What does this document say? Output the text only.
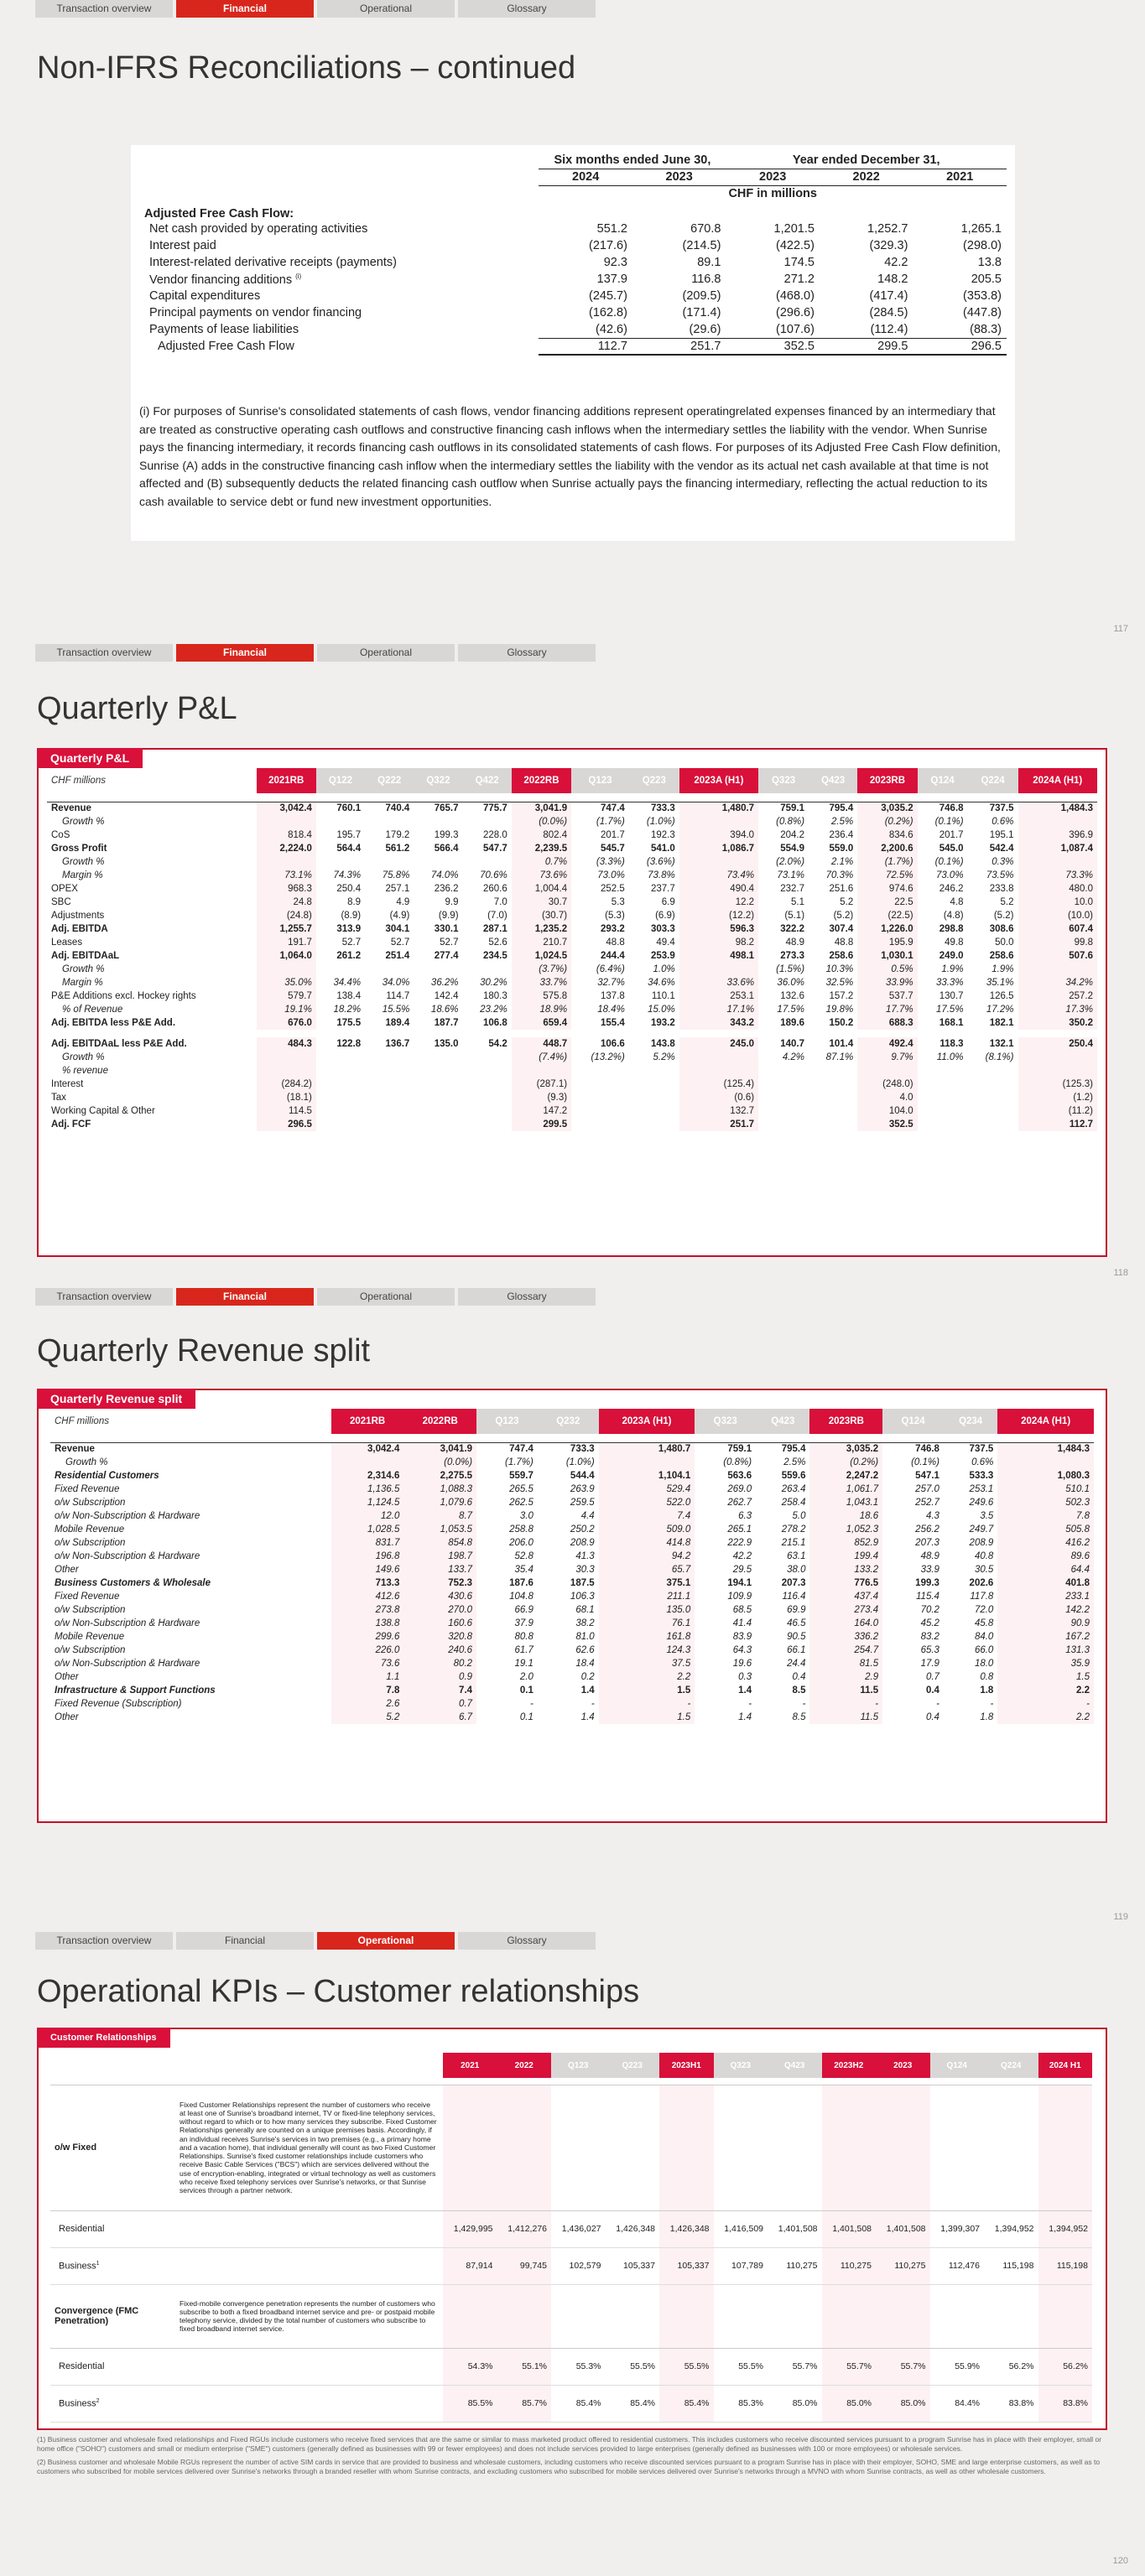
Transaction overview	Financial	Operational	Glossary
Non-IFRS Reconciliations – continued
	Six months ended June 30,		Year ended December 31,		
	2024	2023	2023	2022	2021
	CHF in millions				
Adjusted Free Cash Flow:					
Net cash provided by operating activities	551.2	670.8	1,201.5	1,252.7	1,265.1
Interest paid	(217.6)	(214.5)	(422.5)	(329.3)	(298.0)
Interest-related derivative receipts (payments)	92.3	89.1	174.5	42.2	13.8
Vendor financing additions $^{(i)}$	137.9	116.8	271.2	148.2	205.5
Capital expenditures	(245.7)	(209.5)	(468.0)	(417.4)	(353.8)
Principal payments on vendor financing	(162.8)	(171.4)	(296.6)	(284.5)	(447.8)
Payments of lease liabilities	(42.6)	(29.6)	(107.6)	(112.4)	(88.3)
Adjusted Free Cash Flow	112.7	251.7	352.5	299.5	296.5
(i) For purposes of Sunrise's consolidated statements of cash flows, vendor financing additions represent operatingrelated expenses financed by an intermediary that are treated as constructive operating cash outflows and constructive financing cash inflows when the intermediary settles the liability with the vendor. When Sunrise pays the financing intermediary, it records financing cash outflows in its consolidated statements of cash flows. For purposes of its Adjusted Free Cash Flow definition, Sunrise (A) adds in the constructive financing cash inflow when the intermediary settles the liability with the vendor as its actual net cash available at that time is not affected and (B) subsequently deducts the related financing cash outflow when Sunrise actually pays the financing intermediary, reflecting the actual reduction to its cash available to service debt or fund new investment opportunities.
117
Transaction overview	Financial	Operational	Glossary
Quarterly P&L
CHF millions	2021RB	Q122	Q222	Q322	Q422	2022RB	Q123	Q223	2023A (H1)	Q323	Q423	2023RB	Q124	Q224	2024A (H1)

Revenue	3,042.4	760.1	740.4	765.7	775.7	3,041.9	747.4	733.3	1,480.7	759.1	795.4	3,035.2	746.8	737.5	1,484.3
Growth %						(0.0%)	(1.7%)	(1.0%)		(0.8%)	2.5%	(0.2%)	(0.1%)	0.6%	
CoS	818.4	195.7	179.2	199.3	228.0	802.4	201.7	192.3	394.0	204.2	236.4	834.6	201.7	195.1	396.9
Gross Profit	2,224.0	564.4	561.2	566.4	547.7	2,239.5	545.7	541.0	1,086.7	554.9	559.0	2,200.6	545.0	542.4	1,087.4
Growth %						0.7%	(3.3%)	(3.6%)		(2.0%)	2.1%	(1.7%)	(0.1%)	0.3%	
Margin %	73.1%	74.3%	75.8%	74.0%	70.6%	73.6%	73.0%	73.8%	73.4%	73.1%	70.3%	72.5%	73.0%	73.5%	73.3%
OPEX	968.3	250.4	257.1	236.2	260.6	1,004.4	252.5	237.7	490.4	232.7	251.6	974.6	246.2	233.8	480.0
SBC	24.8	8.9	4.9	9.9	7.0	30.7	5.3	6.9	12.2	5.1	5.2	22.5	4.8	5.2	10.0
Adjustments	(24.8)	(8.9)	(4.9)	(9.9)	(7.0)	(30.7)	(5.3)	(6.9)	(12.2)	(5.1)	(5.2)	(22.5)	(4.8)	(5.2)	(10.0)
Adj. EBITDA	1,255.7	313.9	304.1	330.1	287.1	1,235.2	293.2	303.3	596.3	322.2	307.4	1,226.0	298.8	308.6	607.4
Leases	191.7	52.7	52.7	52.7	52.6	210.7	48.8	49.4	98.2	48.9	48.8	195.9	49.8	50.0	99.8
Adj. EBITDAaL	1,064.0	261.2	251.4	277.4	234.5	1,024.5	244.4	253.9	498.1	273.3	258.6	1,030.1	249.0	258.6	507.6
Growth %						(3.7%)	(6.4%)	1.0%		(1.5%)	10.3%	0.5%	1.9%	1.9%	
Margin %	35.0%	34.4%	34.0%	36.2%	30.2%	33.7%	32.7%	34.6%	33.6%	36.0%	32.5%	33.9%	33.3%	35.1%	34.2%
P&E Additions excl. Hockey rights	579.7	138.4	114.7	142.4	180.3	575.8	137.8	110.1	253.1	132.6	157.2	537.7	130.7	126.5	257.2
% of Revenue	19.1%	18.2%	15.5%	18.6%	23.2%	18.9%	18.4%	15.0%	17.1%	17.5%	19.8%	17.7%	17.5%	17.2%	17.3%
Adj. EBITDA less P&E Add.	676.0	175.5	189.4	187.7	106.8	659.4	155.4	193.2	343.2	189.6	150.2	688.3	168.1	182.1	350.2

Adj. EBITDAaL less P&E Add.	484.3	122.8	136.7	135.0	54.2	448.7	106.6	143.8	245.0	140.7	101.4	492.4	118.3	132.1	250.4
Growth %						(7.4%)	(13.2%)	5.2%		4.2%	87.1%	9.7%	11.0%	(8.1%)	
% revenue															
Interest	(284.2)					(287.1)			(125.4)			(248.0)			(125.3)
Tax	(18.1)					(9.3)			(0.6)			4.0			(1.2)
Working Capital & Other	114.5					147.2			132.7			104.0			(11.2)
Adj. FCF	296.5					299.5			251.7			352.5			112.7
Quarterly P&L
118
Transaction overview	Financial	Operational	Glossary
Quarterly Revenue split
CHF millions	2021RB	2022RB	Q123	Q232	2023A (H1)	Q323	Q423	2023RB	Q124	Q234	2024A (H1)

Revenue	3,042.4	3,041.9	747.4	733.3	1,480.7	759.1	795.4	3,035.2	746.8	737.5	1,484.3
Growth %		(0.0%)	(1.7%)	(1.0%)		(0.8%)	2.5%	(0.2%)	(0.1%)	0.6%	
Residential Customers	2,314.6	2,275.5	559.7	544.4	1,104.1	563.6	559.6	2,247.2	547.1	533.3	1,080.3
Fixed Revenue	1,136.5	1,088.3	265.5	263.9	529.4	269.0	263.4	1,061.7	257.0	253.1	510.1
o/w Subscription	1,124.5	1,079.6	262.5	259.5	522.0	262.7	258.4	1,043.1	252.7	249.6	502.3
o/w Non-Subscription & Hardware	12.0	8.7	3.0	4.4	7.4	6.3	5.0	18.6	4.3	3.5	7.8
Mobile Revenue	1,028.5	1,053.5	258.8	250.2	509.0	265.1	278.2	1,052.3	256.2	249.7	505.8
o/w Subscription	831.7	854.8	206.0	208.9	414.8	222.9	215.1	852.9	207.3	208.9	416.2
o/w Non-Subscription & Hardware	196.8	198.7	52.8	41.3	94.2	42.2	63.1	199.4	48.9	40.8	89.6
Other	149.6	133.7	35.4	30.3	65.7	29.5	38.0	133.2	33.9	30.5	64.4
Business Customers & Wholesale	713.3	752.3	187.6	187.5	375.1	194.1	207.3	776.5	199.3	202.6	401.8
Fixed Revenue	412.6	430.6	104.8	106.3	211.1	109.9	116.4	437.4	115.4	117.8	233.1
o/w Subscription	273.8	270.0	66.9	68.1	135.0	68.5	69.9	273.4	70.2	72.0	142.2
o/w Non-Subscription & Hardware	138.8	160.6	37.9	38.2	76.1	41.4	46.5	164.0	45.2	45.8	90.9
Mobile Revenue	299.6	320.8	80.8	81.0	161.8	83.9	90.5	336.2	83.2	84.0	167.2
o/w Subscription	226.0	240.6	61.7	62.6	124.3	64.3	66.1	254.7	65.3	66.0	131.3
o/w Non-Subscription & Hardware	73.6	80.2	19.1	18.4	37.5	19.6	24.4	81.5	17.9	18.0	35.9
Other	1.1	0.9	2.0	0.2	2.2	0.3	0.4	2.9	0.7	0.8	1.5
Infrastructure & Support Functions	7.8	7.4	0.1	1.4	1.5	1.4	8.5	11.5	0.4	1.8	2.2
Fixed Revenue (Subscription)	2.6	0.7	-	-	-	-	-	-	-	-	-
Other	5.2	6.7	0.1	1.4	1.5	1.4	8.5	11.5	0.4	1.8	2.2
Quarterly Revenue split
119
Transaction overview	Financial	Operational	Glossary
Operational KPIs – Customer relationships
		2021	2022	Q123	Q223	2023H1	Q323	Q423	2023H2	2023	Q124	Q224	2024 H1

o/w Fixed	Fixed Customer Relationships represent the number of customers who receive at least one of Sunrise's broadband internet, TV or fixed-line telephony services, without regard to which or to how many services they subscribe. Fixed Customer Relationships generally are counted on a unique premises basis. Accordingly, if an individual receives Sunrise's services in two premises (e.g., a primary home and a vacation home), that individual generally will count as two Fixed Customer Relationships. Sunrise's fixed customer relationships include customers who receive Basic Cable Services ("BCS") which are services delivered without the use of encryption-enabling, integrated or virtual technology as well as customers who receive fixed telephony services over Sunrise's networks, or that Sunrise services through a partner network.												
Residential		1,429,995	1,412,276	1,436,027	1,426,348	1,426,348	1,416,509	1,401,508	1,401,508	1,401,508	1,399,307	1,394,952	1,394,952
Business$^1$		87,914	99,745	102,579	105,337	105,337	107,789	110,275	110,275	110,275	112,476	115,198	115,198
Convergence (FMC Penetration)	Fixed-mobile convergence penetration represents the number of customers who subscribe to both a fixed broadband internet service and pre- or postpaid mobile telephony service, divided by the total number of customers who subscribe to fixed broadband internet service.												
Residential		54.3%	55.1%	55.3%	55.5%	55.5%	55.5%	55.7%	55.7%	55.7%	55.9%	56.2%	56.2%
Business$^2$		85.5%	85.7%	85.4%	85.4%	85.4%	85.3%	85.0%	85.0%	85.0%	84.4%	83.8%	83.8%
Customer Relationships
(1) Business customer and wholesale fixed relationships and Fixed RGUs include customers who receive fixed services that are the same or similar to mass marketed product offered to residential customers. This includes customers who receive discounted services pursuant to a program Sunrise has in place with their employer, small or home office ("SOHO") customers and small or medium enterprise ("SME") customers (generally defined as businesses with 99 or fewer employees) and does not include services provided to large enterprises (generally defined as businesses with 100 or more employees) or wholesale services.
(2) Business customer and wholesale Mobile RGUs represent the number of active SIM cards in service that are provided to business and wholesale customers, including customers who receive discounted services pursuant to a program Sunrise has in place with their employer, SOHO, SME and large enterprise customers, as well as to customers who subscribed for mobile services delivered over Sunrise's networks through a branded reseller with whom Sunrise contracts, and excluding customers who subscribed for mobile services delivered over Sunrise's networks through a MVNO with whom Sunrise contracts, as well as other wholesale customers.
120
